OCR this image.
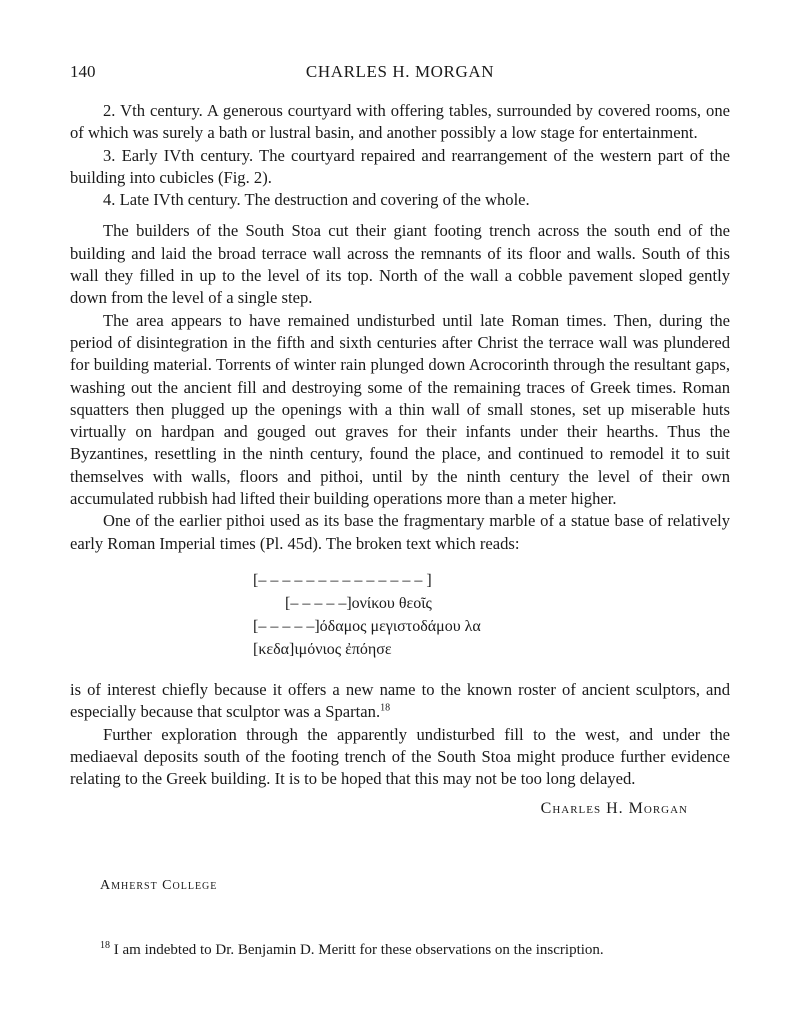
140	CHARLES H. MORGAN

2. Vth century. A generous courtyard with offering tables, surrounded by covered rooms, one of which was surely a bath or lustral basin, and another possibly a low stage for entertainment.

3. Early IVth century. The courtyard repaired and rearrangement of the western part of the building into cubicles (Fig. 2).

4. Late IVth century. The destruction and covering of the whole.

The builders of the South Stoa cut their giant footing trench across the south end of the building and laid the broad terrace wall across the remnants of its floor and walls. South of this wall they filled in up to the level of its top. North of the wall a cobble pavement sloped gently down from the level of a single step.

The area appears to have remained undisturbed until late Roman times. Then, during the period of disintegration in the fifth and sixth centuries after Christ the terrace wall was plundered for building material. Torrents of winter rain plunged down Acrocorinth through the resultant gaps, washing out the ancient fill and destroying some of the remaining traces of Greek times. Roman squatters then plugged up the openings with a thin wall of small stones, set up miserable huts virtually on hardpan and gouged out graves for their infants under their hearths. Thus the Byzantines, resettling in the ninth century, found the place, and continued to remodel it to suit themselves with walls, floors and pithoi, until by the ninth century the level of their own accumulated rubbish had lifted their building operations more than a meter higher.

One of the earlier pithoi used as its base the fragmentary marble of a statue base of relatively early Roman Imperial times (Pl. 45d). The broken text which reads:

[– – – – – – – – – – – – – – ]
[– – – – –]ονίκου θεοῖς
[– – – – –]όδαμος μεγιστοδάμου λα
[κεδα]ιμόνιος ἐπόησε

is of interest chiefly because it offers a new name to the known roster of ancient sculptors, and especially because that sculptor was a Spartan.$^{18}$

Further exploration through the apparently undisturbed fill to the west, and under the mediaeval deposits south of the footing trench of the South Stoa might produce further evidence relating to the Greek building. It is to be hoped that this may not be too long delayed.

Charles H. Morgan
Amherst College
$^{18}$ I am indebted to Dr. Benjamin D. Meritt for these observations on the inscription.
